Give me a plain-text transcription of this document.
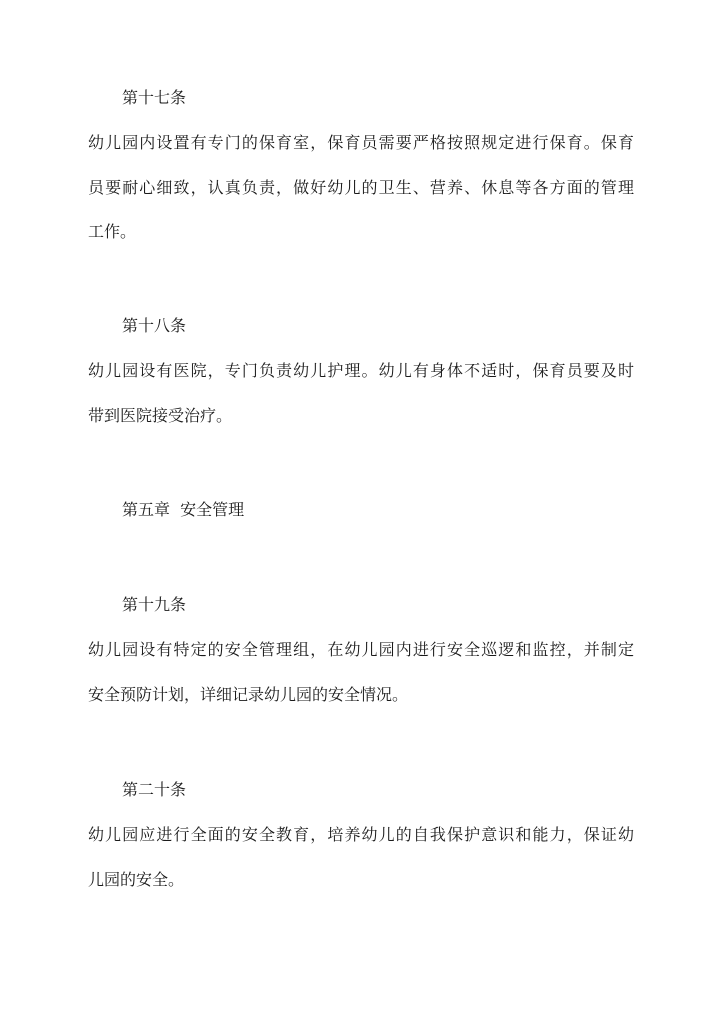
第十七条
幼儿园内设置有专门的保育室，保育员需要严格按照规定进行保育。保育
员要耐心细致，认真负责，做好幼儿的卫生、营养、休息等各方面的管理
工作。
第十八条
幼儿园设有医院，专门负责幼儿护理。幼儿有身体不适时，保育员要及时
带到医院接受治疗。
第五章  安全管理
第十九条
幼儿园设有特定的安全管理组，在幼儿园内进行安全巡逻和监控，并制定
安全预防计划，详细记录幼儿园的安全情况。
第二十条
幼儿园应进行全面的安全教育，培养幼儿的自我保护意识和能力，保证幼
儿园的安全。
